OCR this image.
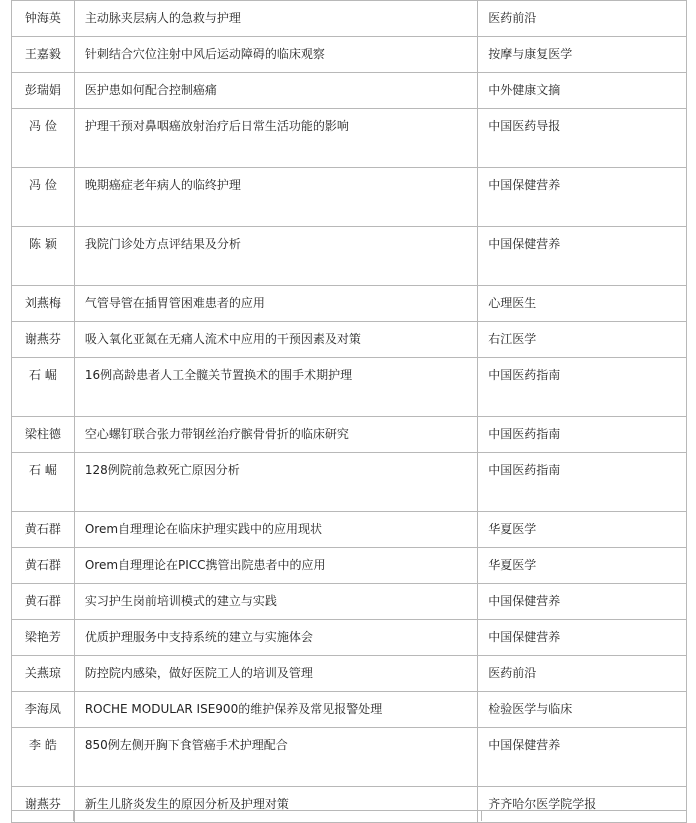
钟海英	主动脉夹层病人的急救与护理	医药前沿
王嘉毅	针刺结合穴位注射中风后运动障碍的临床观察	按摩与康复医学
彭瑞娟	医护患如何配合控制癌痛	中外健康文摘
冯 俭	护理干预对鼻咽癌放射治疗后日常生活功能的影响	中国医药导报
冯 俭	晚期癌症老年病人的临终护理	中国保健营养
陈 颖	我院门诊处方点评结果及分析	中国保健营养
刘燕梅	气管导管在插胃管困难患者的应用	心理医生
谢燕芬	吸入氧化亚氮在无痛人流术中应用的干预因素及对策	右江医学
石 崛	16例高龄患者人工全髋关节置换术的围手术期护理	中国医药指南
梁柱德	空心螺钉联合张力带钢丝治疗髌骨骨折的临床研究	中国医药指南
石 崛	128例院前急救死亡原因分析	中国医药指南
黄石群	Orem自理理论在临床护理实践中的应用现状	华夏医学
黄石群	Orem自理理论在PICC携管出院患者中的应用	华夏医学
黄石群	实习护生岗前培训模式的建立与实践	中国保健营养
梁艳芳	优质护理服务中支持系统的建立与实施体会	中国保健营养
关燕琼	防控院内感染，做好医院工人的培训及管理	医药前沿
李海凤	ROCHE MODULAR ISE900的维护保养及常见报警处理	检验医学与临床
李 皓	850例左侧开胸下食管癌手术护理配合	中国保健营养
谢燕芬	新生儿脐炎发生的原因分析及护理对策	齐齐哈尔医学院学报
